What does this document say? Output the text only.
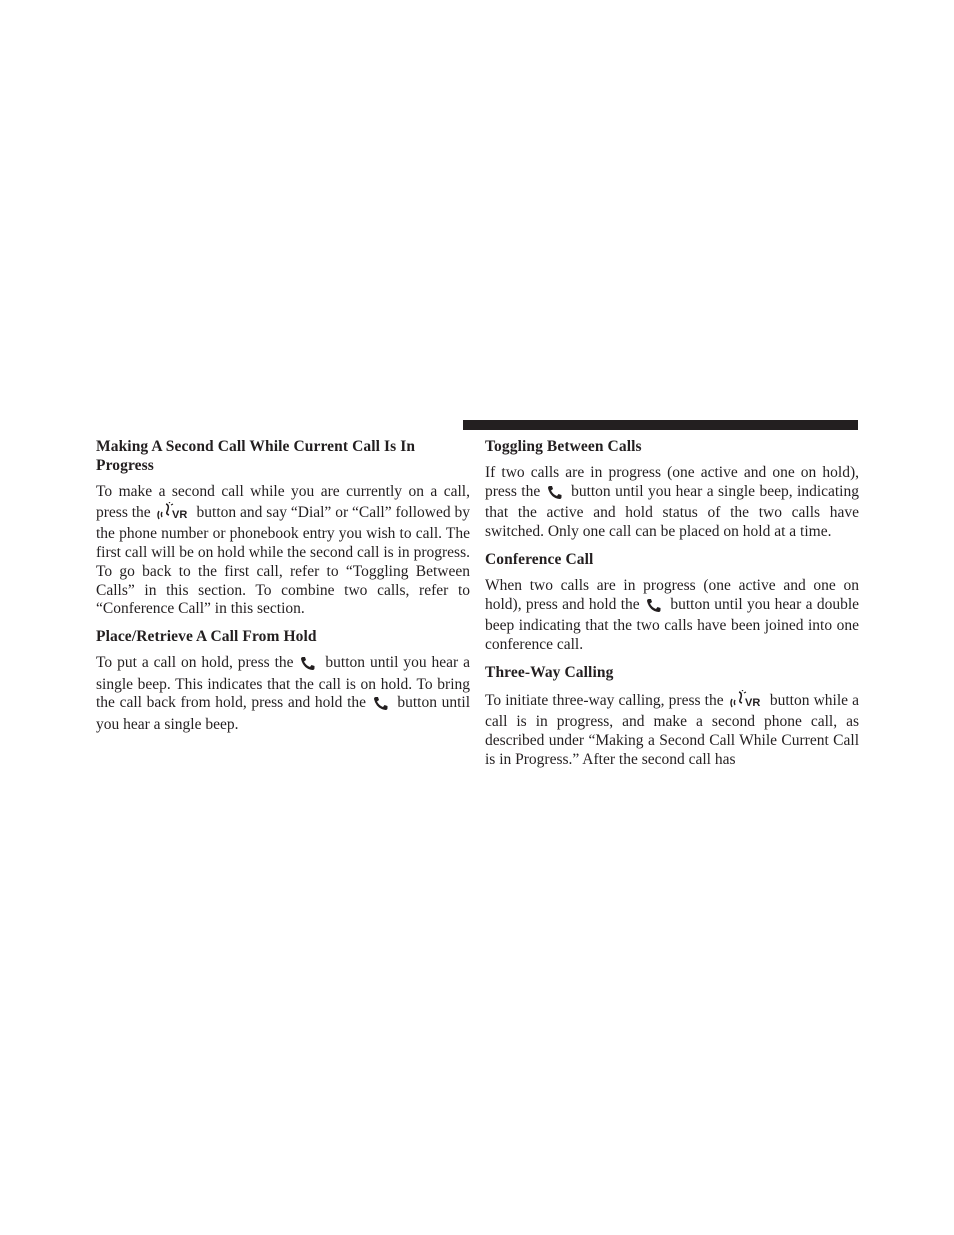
Making A Second Call While Current Call Is In Progress

To make a second call while you are currently on a call, press the VR button and say “Dial” or “Call” followed by the phone number or phonebook entry you wish to call. The first call will be on hold while the second call is in progress. To go back to the first call, refer to “Toggling Between Calls” in this section. To combine two calls, refer to “Conference Call” in this section.

Place/Retrieve A Call From Hold

To put a call on hold, press the button until you hear a single beep. This indicates that the call is on hold. To bring the call back from hold, press and hold the button until you hear a single beep.

Toggling Between Calls

If two calls are in progress (one active and one on hold), press the button until you hear a single beep, indicating that the active and hold status of the two calls have switched. Only one call can be placed on hold at a time.

Conference Call

When two calls are in progress (one active and one on hold), press and hold the button until you hear a double beep indicating that the two calls have been joined into one conference call.

Three-Way Calling

To initiate three-way calling, press the VR button while a call is in progress, and make a second phone call, as described under “Making a Second Call While Current Call is in Progress.” After the second call has
